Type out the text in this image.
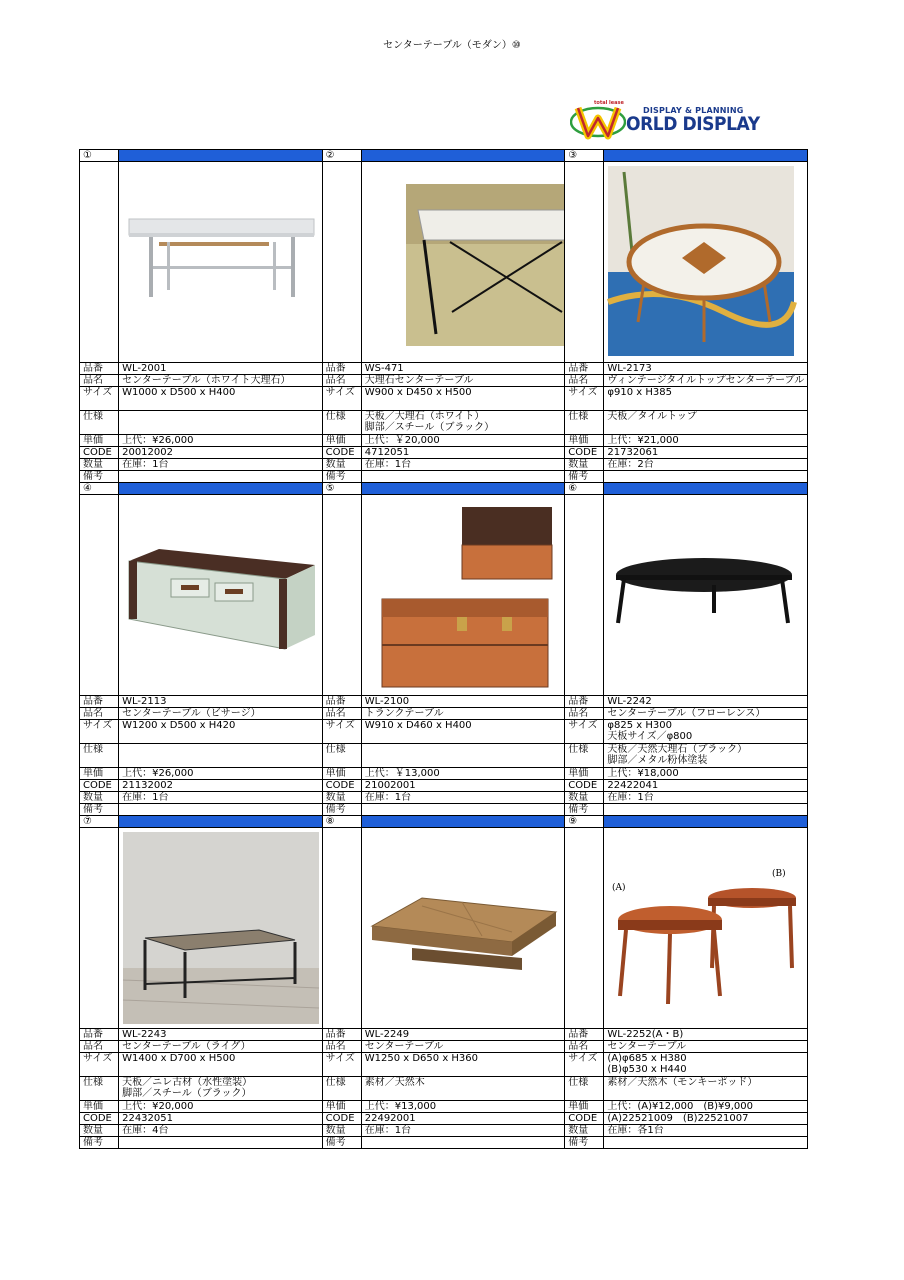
センターテーブル（モダン）⑩
total lease
DISPLAY & PLANNING
ORLD DISPLAY
①		②		③	

品番	WL-2001	品番	WS-471	品番	WL-2173
品名	センターテーブル（ホワイト大理石）	品名	大理石センターテーブル	品名	ヴィンテージタイルトップセンターテーブル
サイズ	W1000 x D500 x H400	サイズ	W900 x D450 x H500	サイズ	φ910 x H385

仕様		仕様	天板／大理石（ホワイト）
脚部／スチール（ブラック）	仕様	天板／タイルトップ

単価	上代：¥26,000	単価	上代：￥20,000	単価	上代：¥21,000
CODE	20012002	CODE	4712051	CODE	21732061
数量	在庫：1台	数量	在庫：1台	数量	在庫：2台
備考		備考		備考	
④		⑤		⑥	

品番	WL-2113	品番	WL-2100	品番	WL-2242
品名	センターテーブル（ビサージ）	品名	トランクテーブル	品名	センターテーブル（フローレンス）
サイズ	W1200 x D500 x H420	サイズ	W910 x D460 x H400	サイズ	φ825 x H300
天板サイズ／φ800

仕様		仕様		仕様	天板／天然大理石（ブラック）
脚部／メタル粉体塗装

単価	上代：¥26,000	単価	上代：￥13,000	単価	上代：¥18,000
CODE	21132002	CODE	21002001	CODE	22422041
数量	在庫：1台	数量	在庫：1台	数量	在庫：1台
備考		備考		備考	
⑦		⑧		⑨	

(A)
(B)

品番	WL-2243	品番	WL-2249	品番	WL-2252(A・B)
品名	センターテーブル（ライグ）	品名	センターテーブル	品名	センターテーブル
サイズ	W1400 x D700 x H500	サイズ	W1250 x D650 x H360	サイズ	(A)φ685 x H380
(B)φ530 x H440

仕様	天板／ニレ古材（水性塗装）
脚部／スチール（ブラック）	仕様	素材／天然木	仕様	素材／天然木（モンキーポッド）

単価	上代：¥20,000	単価	上代：¥13,000	単価	上代：(A)¥12,000　(B)¥9,000
CODE	22432051	CODE	22492001	CODE	(A)22521009　(B)22521007
数量	在庫：4台	数量	在庫：1台	数量	在庫：各1台
備考		備考		備考	
